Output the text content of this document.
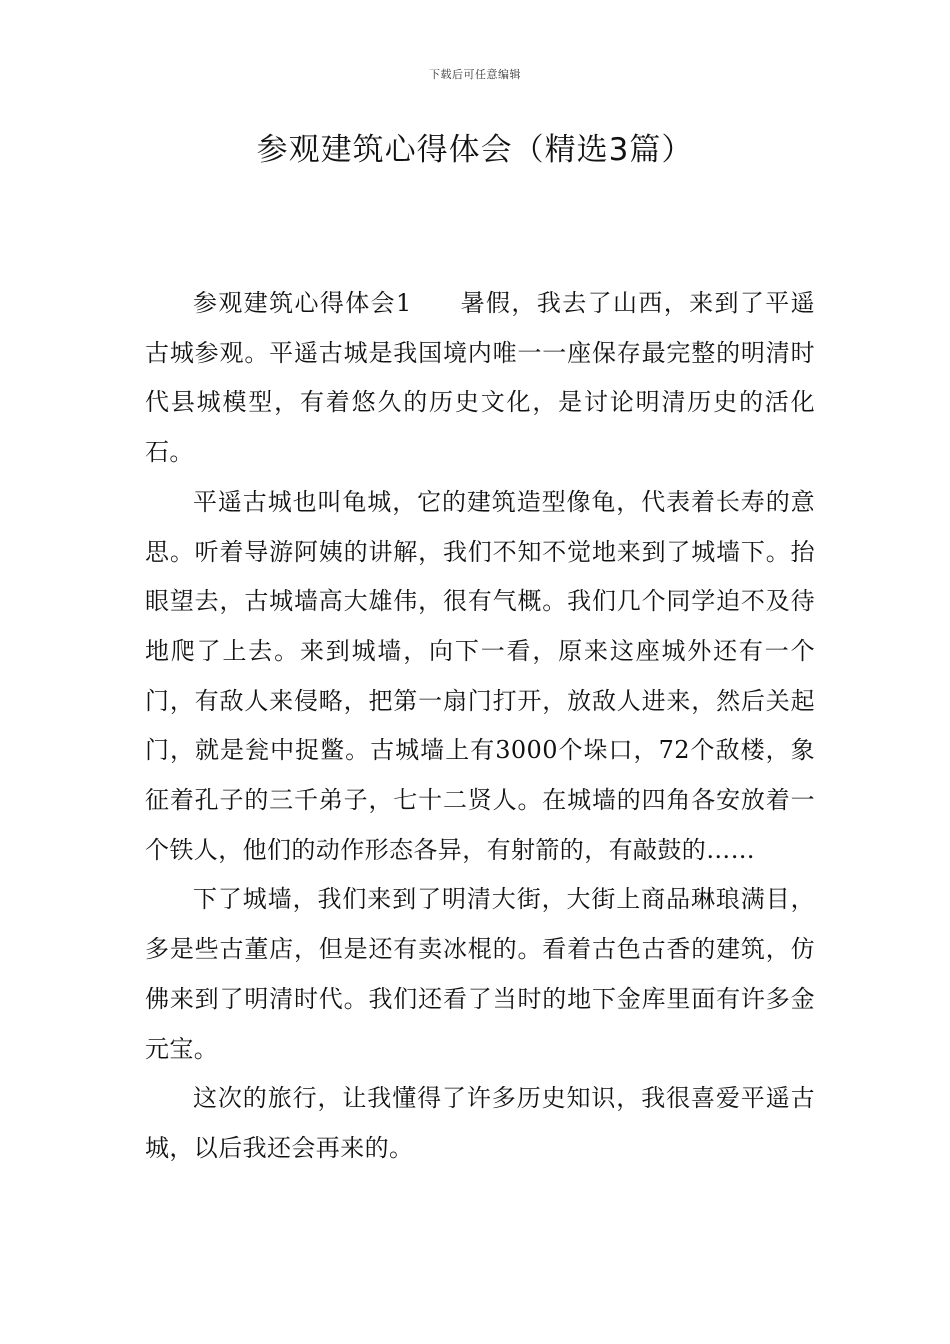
下载后可任意编辑
参观建筑心得体会（精选3篇）

参观建筑心得体会1 暑假，我去了山西，来到了平遥古城参观。平遥古城是我国境内唯一一座保存最完整的明清时代县城模型，有着悠久的历史文化，是讨论明清历史的活化石。

平遥古城也叫龟城，它的建筑造型像龟，代表着长寿的意思。听着导游阿姨的讲解，我们不知不觉地来到了城墙下。抬眼望去，古城墙高大雄伟，很有气概。我们几个同学迫不及待地爬了上去。来到城墙，向下一看，原来这座城外还有一个门，有敌人来侵略，把第一扇门打开，放敌人进来，然后关起门，就是瓮中捉鳖。古城墙上有3000个垛口，72个敌楼，象征着孔子的三千弟子，七十二贤人。在城墙的四角各安放着一个铁人，他们的动作形态各异，有射箭的，有敲鼓的……

下了城墙，我们来到了明清大街，大街上商品琳琅满目，多是些古董店，但是还有卖冰棍的。看着古色古香的建筑，仿佛来到了明清时代。我们还看了当时的地下金库里面有许多金元宝。

这次的旅行，让我懂得了许多历史知识，我很喜爱平遥古城，以后我还会再来的。
